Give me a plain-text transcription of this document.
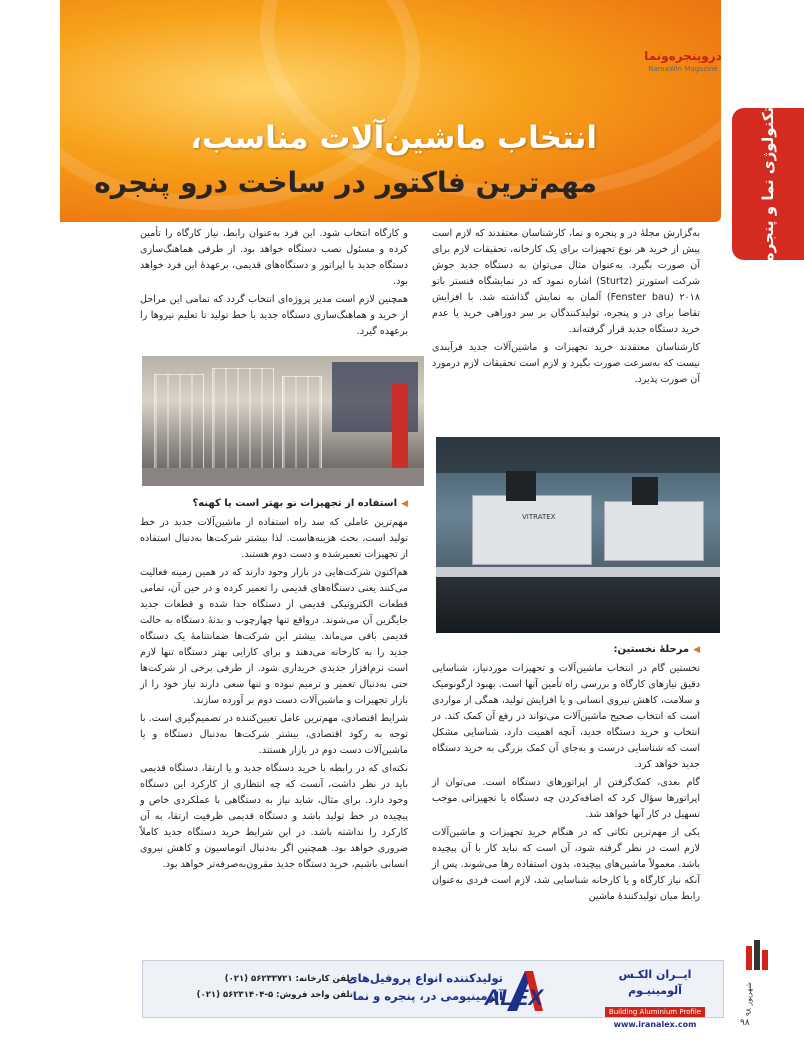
انتخاب ماشین‌آلات مناسب،
مهم‌ترین فاکتور در ساخت درو پنجره
دروپنجره‌ونما
NamaWin Magazine
تکنولوژی نما و پنجره

به‌گزارش مجلهٔ در و پنجره و نما، کارشناسان معتقدند که لازم است پیش از خرید هر نوع تجهیزات برای یک کارخانه، تحقیقات لازم برای آن صورت بگیرد. به‌عنوان مثال می‌توان به دستگاه جدید جوش شرکت استورتز (Sturtz) اشاره نمود که در نمایشگاه فنستر باتو ۲۰۱۸ (Fenster bau) آلمان به نمایش گذاشته شد. با افزایش تقاضا برای در و پنجره، تولیدکنندگان بر سر دوراهی خرید یا عدم خرید دستگاه جدید قرار گرفته‌اند.

کارشناسان معتقدند خرید تجهیزات و ماشین‌آلات جدید فرآیندی نیست که به‌سرعت صورت بگیرد و لازم است تحقیقات لازم درمورد آن صورت پذیرد.

◀مرحلهٔ نخستین:

نخستین گام در انتخاب ماشین‌آلات و تجهیزات موردنیاز، شناسایی دقیق نیازهای کارگاه و بررسی راه تأمین آنها است. بهبود ارگونومیک و سلامت، کاهش نیروی انسانی و یا افزایش تولید، همگی از مواردی است که انتخاب صحیح ماشین‌آلات می‌تواند در رفع آن کمک کند. در انتخاب و خرید دستگاه جدید، آنچه اهمیت دارد، شناسایی مشکل است که شناسایی درست و به‌جای آن کمک بزرگی به خرید دستگاه جدید خواهد کرد.

گام بعدی، کمک‌گرفتن از اپراتورهای دستگاه است. می‌توان از اپراتورها سؤال کرد که اضافه‌کردن چه دستگاه یا تجهیزاتی موجب تسهیل در کار آنها خواهد شد.

یکی از مهم‌ترین نکاتی که در هنگام خرید تجهیزات و ماشین‌آلات لازم است در نظر گرفته شود، آن است که نباید کار با آن پیچیده باشد. معمولاً ماشین‌های پیچیده، بدون استفاده رها می‌شوند. پس از آنکه نیاز کارگاه و یا کارخانه شناسایی شد، لازم است فردی به‌عنوان رابط میان تولیدکنندهٔ ماشین

و کارگاه انتخاب شود. این فرد به‌عنوان رابط، نیاز کارگاه را تأمین کرده و مسئول نصب دستگاه خواهد بود. از طرفی هماهنگ‌سازی دستگاه جدید با اپراتور و دستگاه‌های قدیمی، برعهدهٔ این فرد خواهد بود.

همچنین لازم است مدیر پروژه‌ای انتخاب گردد که تمامی این مراحل از خرید و هماهنگ‌سازی دستگاه جدید با خط تولید تا تعلیم نیروها را برعهده گیرد.

◀استفاده از تجهیزات نو بهتر است یا کهنه؟

مهم‌ترین عاملی که سد راه استفاده از ماشین‌آلات جدید در خط تولید است، بحث هزینه‌هاست. لذا بیشتر شرکت‌ها به‌دنبال استفاده از تجهیزات تعمیرشده و دست دوم هستند.

هم‌اکنون شرکت‌هایی در بازار وجود دارند که در همین زمینه فعالیت می‌کنند یعنی دستگاه‌های قدیمی را تعمیر کرده و در حین آن، تمامی قطعات الکترونیکی قدیمی از دستگاه جدا شده و قطعات جدید جایگزین آن می‌شوند. درواقع تنها چهارچوب و بدنهٔ دستگاه به حالت قدیمی باقی می‌ماند. بیشتر این شرکت‌ها ضمانتنامهٔ یک دستگاه جدید را به کارخانه می‌دهند و برای کارایی بهتر دستگاه تنها لازم است نرم‌افزار جدیدی خریداری شود. از طرفی برخی از شرکت‌ها حتی به‌دنبال تعمیر و ترمیم نبوده و تنها سعی دارند نیاز خود را از بازار تجهیزات و ماشین‌آلات دست دوم بر آورده سازند.

شرایط اقتصادی، مهم‌ترین عامل تعیین‌کننده در تصمیم‌گیری است. با توجه به رکود اقتصادی، بیشتر شرکت‌ها به‌دنبال دستگاه و یا ماشین‌آلات دست دوم در بازار هستند.

نکته‌ای که در رابطه با خرید دستگاه جدید و یا ارتقا، دستگاه قدیمی باید در نظر داشت، آنست که چه انتظاری از کارکرد این دستگاه وجود دارد. برای مثال، شاید نیاز به دستگاهی با عملکردی خاص و پیچیده در خط تولید باشد و دستگاه قدیمی ظرفیت ارتقا، به آن کارکرد را نداشته باشد. در این شرایط خرید دستگاه جدید کاملاً ضروری خواهد بود. همچنین اگر به‌دنبال اتوماسیون و کاهش نیروی انسانی باشیم، خرید دستگاه جدید مقرون‌به‌صرفه‌تر خواهد بود.

VITRATEX
تلفن کارخانه: ۵۶۲۳۳۷۲۱ (۰۲۱)
تلفن واحد فروش: ۵-۵۶۲۳۱۴۰۴ (۰۲۱)
تولیدکننده انواع پروفیل‌های آلومینیومی در، پنجره و نما
ALEX
ایــران الکـس آلومینیـوم
Building Aluminium Profile
www.iranalex.com
شهریور ۹۸
۹۸
